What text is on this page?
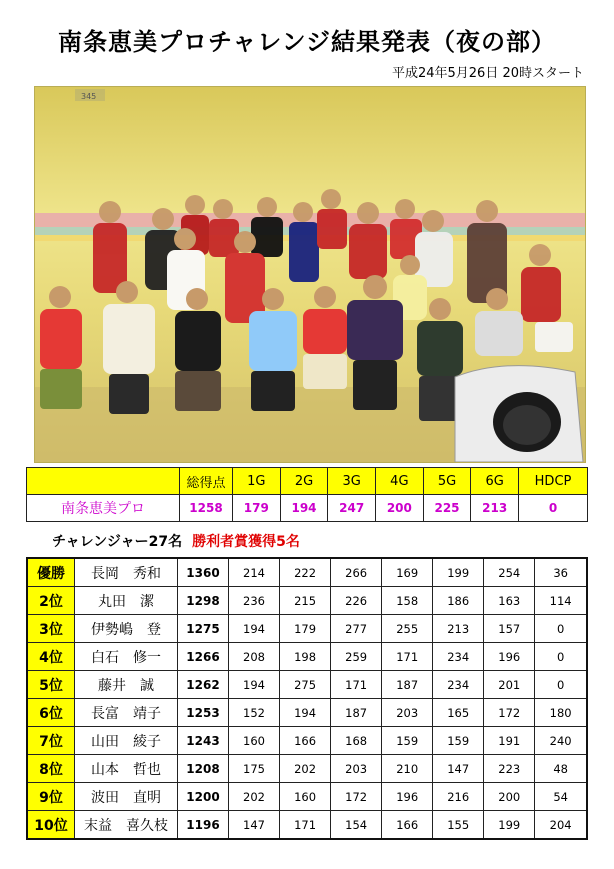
南条恵美プロチャレンジ結果発表（夜の部）
平成24年5月26日 20時スタート
345
	総得点	1G	2G	3G	4G	5G	6G	HDCP
南条恵美プロ	1258	179	194	247	200	225	213	0
チャレンジャー27名 勝利者賞獲得5名
優勝	長岡　秀和	1360	214	222	266	169	199	254	36
2位	丸田　潔	1298	236	215	226	158	186	163	114
3位	伊勢嶋　登	1275	194	179	277	255	213	157	0
4位	白石　修一	1266	208	198	259	171	234	196	0
5位	藤井　誠	1262	194	275	171	187	234	201	0
6位	長富　靖子	1253	152	194	187	203	165	172	180
7位	山田　綾子	1243	160	166	168	159	159	191	240
8位	山本　哲也	1208	175	202	203	210	147	223	48
9位	波田　直明	1200	202	160	172	196	216	200	54
10位	末益　喜久枝	1196	147	171	154	166	155	199	204
